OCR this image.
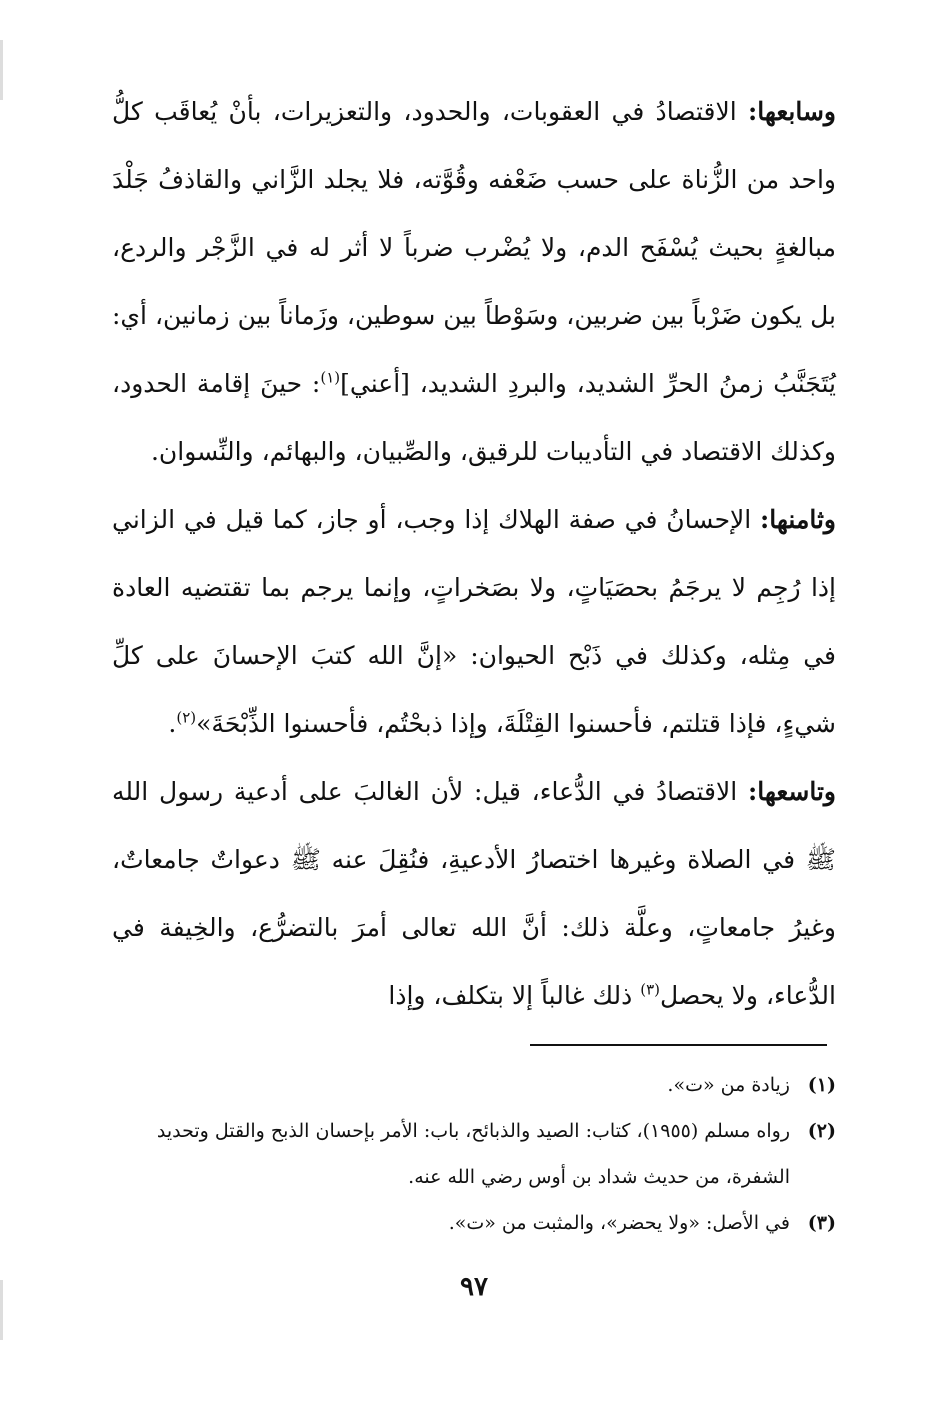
وسابعها: الاقتصادُ في العقوبات، والحدود، والتعزيرات، بأنْ يُعاقَب كلُّ واحد من الزُّناة على حسب ضَعْفه وقُوَّته، فلا يجلد الزَّاني والقاذفُ جَلْدَ مبالغةٍ بحيث يُسْفَح الدم، ولا يُضْرب ضرباً لا أثر له في الزَّجْر والردع، بل يكون ضَرْباً بين ضربين، وسَوْطاً بين سوطين، وزَماناً بين زمانين، أي: يُتَجَنَّبُ زمنُ الحرِّ الشديد، والبردِ الشديد، [أعني]$^{(١)}$: حينَ إقامة الحدود، وكذلك الاقتصاد في التأديبات للرقيق، والصِّبيان، والبهائم، والنِّسوان.

وثامنها: الإحسانُ في صفة الهلاك إذا وجب، أو جاز، كما قيل في الزاني إذا رُجِم لا يرجَمُ بحصَيَاتٍ، ولا بصَخراتٍ، وإنما يرجم بما تقتضيه العادة في مِثله، وكذلك في ذَبْح الحيوان: «إنَّ الله كتبَ الإحسانَ على كلِّ شيءٍ، فإذا قتلتم، فأحسنوا القِتْلَةَ، وإذا ذبحْتُم، فأحسنوا الذِّبْحَةَ»$^{(٢)}$.

وتاسعها: الاقتصادُ في الدُّعاء، قيل: لأن الغالبَ على أدعية رسول الله ﷺ في الصلاة وغيرها اختصارُ الأدعيةِ، فنُقِلَ عنه ﷺ دعواتٌ جامعاتٌ، وغيرُ جامعاتٍ، وعلَّة ذلك: أنَّ الله تعالى أمرَ بالتضرُّع، والخِيفة في الدُّعاء، ولا يحصل$^{(٣)}$ ذلك غالباً إلا بتكلف، وإذا

(١)
زيادة من «ت».
(٢)
رواه مسلم (١٩٥٥)، كتاب: الصيد والذبائح، باب: الأمر بإحسان الذبح والقتل وتحديد الشفرة، من حديث شداد بن أوس رضي الله عنه.
(٣)
في الأصل: «ولا يحضر»، والمثبت من «ت».
٩٧
